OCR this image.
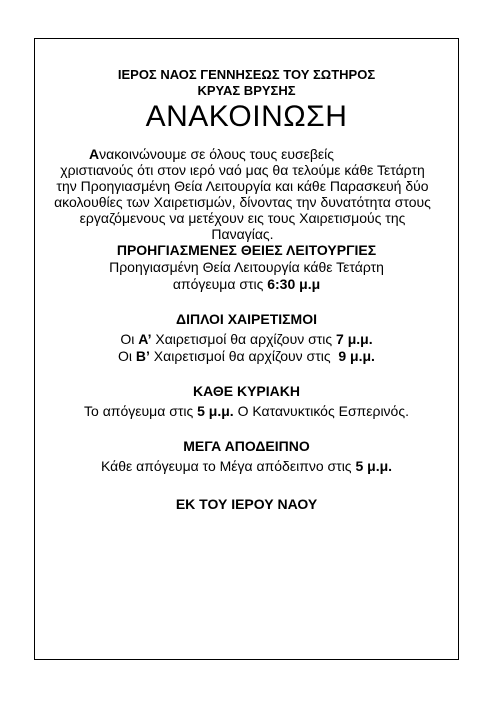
ΙΕΡΟΣ ΝΑΟΣ ΓΕΝΝΗΣΕΩΣ ΤΟΥ ΣΩΤΗΡΟΣ
ΚΡΥΑΣ ΒΡΥΣΗΣ
ΑΝΑΚΟΙΝΩΣΗ
Ανακοινώνουμε σε όλους τους ευσεβείς
χριστιανούς ότι στον ιερό ναό μας θα τελούμε κάθε Τετάρτη την Προηγιασμένη Θεία Λειτουργία και κάθε Παρασκευή δύο ακολουθίες των Χαιρετισμών, δίνοντας την δυνατότητα στους εργαζόμενους να μετέχουν εις τους Χαιρετισμούς της Παναγίας.
ΠΡΟΗΓΙΑΣΜΕΝΕΣ ΘΕΙΕΣ ΛΕΙΤΟΥΡΓΙΕΣ
Προηγιασμένη Θεία Λειτουργία κάθε Τετάρτη
απόγευμα στις 6:30 μ.μ
ΔΙΠΛΟΙ ΧΑΙΡΕΤΙΣΜΟΙ
Οι Α’ Χαιρετισμοί θα αρχίζουν στις 7 μ.μ.
Οι Β’ Χαιρετισμοί θα αρχίζουν στις  9 μ.μ.
ΚΑΘΕ ΚΥΡΙΑΚΗ
Το απόγευμα στις 5 μ.μ. Ο Κατανυκτικός Εσπερινός.
ΜΕΓΑ ΑΠΟΔΕΙΠΝΟ
Κάθε απόγευμα το Μέγα απόδειπνο στις 5 μ.μ.
ΕΚ ΤΟΥ ΙΕΡΟΥ ΝΑΟΥ
